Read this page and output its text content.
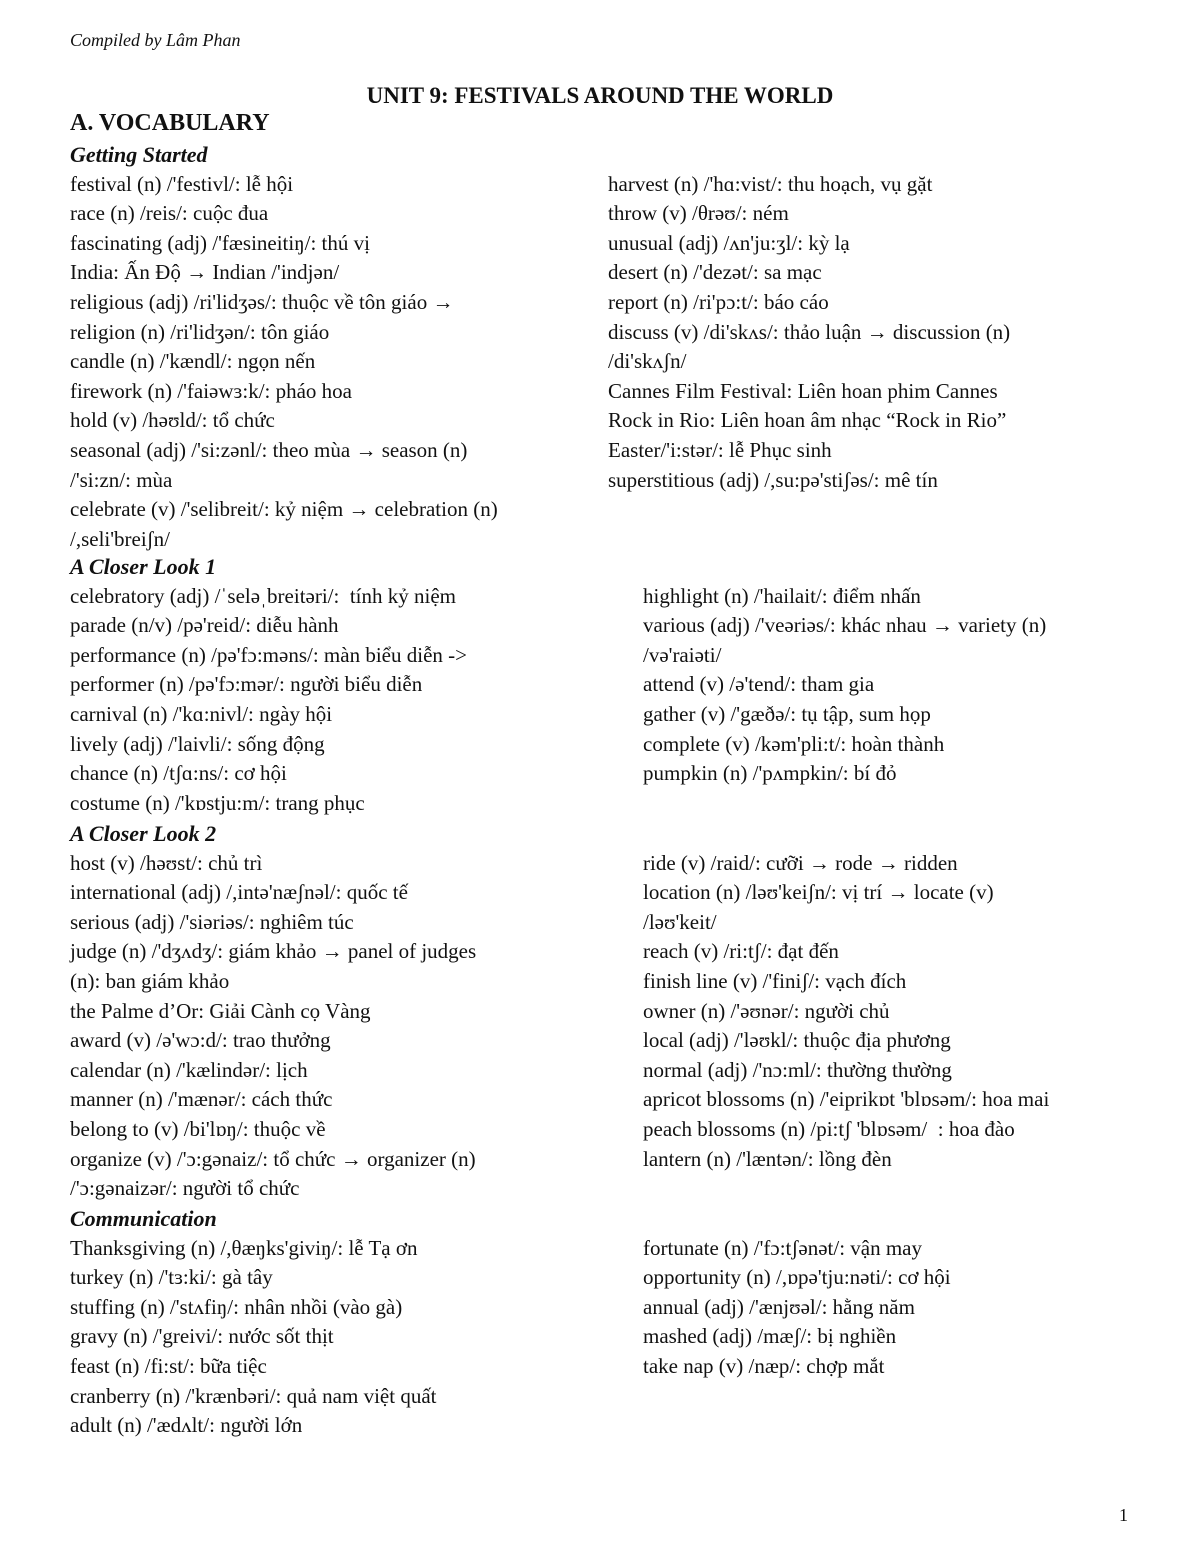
Compiled by Lâm Phan
UNIT 9: FESTIVALS AROUND THE WORLD
A. VOCABULARY
Getting Started
festival (n) /'festivl/: lễ hội
race (n) /reis/: cuộc đua
fascinating (adj) /'fæsineitiŋ/: thú vị
India: Ấn Độ → Indian /'indjən/
religious (adj) /ri'lidʒəs/: thuộc về tôn giáo →
religion (n) /ri'lidʒən/: tôn giáo
candle (n) /'kændl/: ngọn nến
firework (n) /'faiəwɜ:k/: pháo hoa
hold (v) /həʊld/: tổ chức
seasonal (adj) /'si:zənl/: theo mùa → season (n)
/'si:zn/: mùa
celebrate (v) /'selibreit/: kỷ niệm → celebration (n)
/,seli'breiʃn/
harvest (n) /'hɑ:vist/: thu hoạch, vụ gặt
throw (v) /θrəʊ/: ném
unusual (adj) /ʌn'ju:ʒl/: kỳ lạ
desert (n) /'dezət/: sa mạc
report (n) /ri'pɔ:t/: báo cáo
discuss (v) /di'skʌs/: thảo luận → discussion (n)
/di'skʌʃn/
Cannes Film Festival: Liên hoan phim Cannes
Rock in Rio: Liên hoan âm nhạc “Rock in Rio”
Easter/'i:stər/: lễ Phục sinh
superstitious (adj) /,su:pə'stiʃəs/: mê tín
A Closer Look 1
celebratory (adj) /ˈseləˌbreitəri/:  tính kỷ niệm
parade (n/v) /pə'reid/: diễu hành
performance (n) /pə'fɔ:məns/: màn biểu diễn ->
performer (n) /pə'fɔ:mər/: người biểu diễn
carnival (n) /'kɑ:nivl/: ngày hội
lively (adj) /'laivli/: sống động
chance (n) /tʃɑ:ns/: cơ hội
costume (n) /'kɒstju:m/: trang phục
highlight (n) /'hailait/: điểm nhấn
various (adj) /'veəriəs/: khác nhau → variety (n)
/və'raiəti/
attend (v) /ə'tend/: tham gia
gather (v) /'gæðə/: tụ tập, sum họp
complete (v) /kəm'pli:t/: hoàn thành
pumpkin (n) /'pʌmpkin/: bí đỏ
A Closer Look 2
host (v) /həʊst/: chủ trì
international (adj) /,intə'næʃnəl/: quốc tế
serious (adj) /'siəriəs/: nghiêm túc
judge (n) /'dʒʌdʒ/: giám khảo → panel of judges
(n): ban giám khảo
the Palme d’Or: Giải Cành cọ Vàng
award (v) /ə'wɔ:d/: trao thưởng
calendar (n) /'kælindər/: lịch
manner (n) /'mænər/: cách thức
belong to (v) /bi'lɒŋ/: thuộc về
organize (v) /'ɔ:gənaiz/: tổ chức → organizer (n)
/'ɔ:gənaizər/: người tổ chức
ride (v) /raid/: cưỡi → rode → ridden
location (n) /ləʊ'keiʃn/: vị trí → locate (v)
/ləʊ'keit/
reach (v) /ri:tʃ/: đạt đến
finish line (v) /'finiʃ/: vạch đích
owner (n) /'əʊnər/: người chủ
local (adj) /'ləʊkl/: thuộc địa phương
normal (adj) /'nɔ:ml/: thường thường
apricot blossoms (n) /'eiprikɒt 'blɒsəm/: hoa mai
peach blossoms (n) /pi:tʃ 'blɒsəm/  : hoa đào
lantern (n) /'læntən/: lồng đèn
Communication
Thanksgiving (n) /,θæŋks'giviŋ/: lễ Tạ ơn
turkey (n) /'tɜ:ki/: gà tây
stuffing (n) /'stʌfiŋ/: nhân nhồi (vào gà)
gravy (n) /'greivi/: nước sốt thịt
feast (n) /fi:st/: bữa tiệc
cranberry (n) /'krænbəri/: quả nam việt quất
adult (n) /'ædʌlt/: người lớn
fortunate (n) /'fɔ:tʃənət/: vận may
opportunity (n) /,ɒpə'tju:nəti/: cơ hội
annual (adj) /'ænjʊəl/: hằng năm
mashed (adj) /mæʃ/: bị nghiền
take nap (v) /næp/: chợp mắt
1
